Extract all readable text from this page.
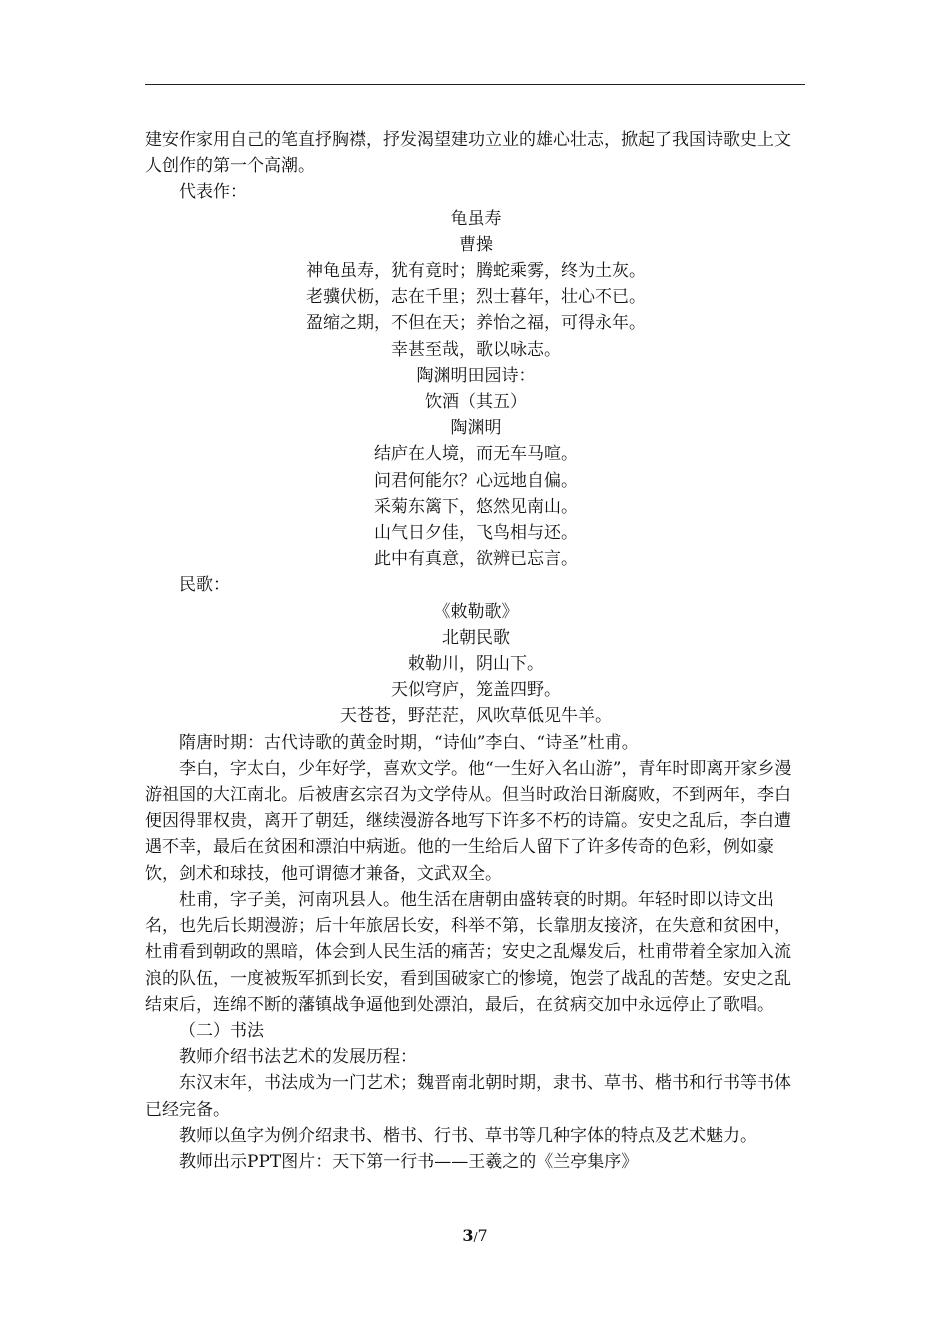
建安作家用自己的笔直抒胸襟，抒发渴望建功立业的雄心壮志，掀起了我国诗歌史上文人创作的第一个高潮。

代表作：

龟虽寿

曹操

神龟虽寿，犹有竟时；腾蛇乘雾，终为土灰。

老骥伏枥，志在千里；烈士暮年，壮心不已。

盈缩之期，不但在天；养怡之福，可得永年。

幸甚至哉，歌以咏志。

陶渊明田园诗：

饮酒（其五）

陶渊明

结庐在人境，而无车马喧。

问君何能尔？心远地自偏。

采菊东篱下，悠然见南山。

山气日夕佳，飞鸟相与还。

此中有真意，欲辨已忘言。

民歌：

《敕勒歌》

北朝民歌

敕勒川，阴山下。

天似穹庐，笼盖四野。

天苍苍，野茫茫，风吹草低见牛羊。

隋唐时期：古代诗歌的黄金时期，“诗仙”李白、“诗圣”杜甫。

李白，字太白，少年好学，喜欢文学。他“一生好入名山游”，青年时即离开家乡漫游祖国的大江南北。后被唐玄宗召为文学侍从。但当时政治日渐腐败，不到两年，李白便因得罪权贵，离开了朝廷，继续漫游各地写下许多不朽的诗篇。安史之乱后，李白遭遇不幸，最后在贫困和漂泊中病逝。他的一生给后人留下了许多传奇的色彩，例如豪饮，剑术和球技，他可谓德才兼备，文武双全。

杜甫，字子美，河南巩县人。他生活在唐朝由盛转衰的时期。年轻时即以诗文出名，也先后长期漫游；后十年旅居长安，科举不第，长靠朋友接济，在失意和贫困中，杜甫看到朝政的黑暗，体会到人民生活的痛苦；安史之乱爆发后，杜甫带着全家加入流浪的队伍，一度被叛军抓到长安，看到国破家亡的惨境，饱尝了战乱的苦楚。安史之乱结束后，连绵不断的藩镇战争逼他到处漂泊，最后，在贫病交加中永远停止了歌唱。

（二）书法

教师介绍书法艺术的发展历程：

东汉末年，书法成为一门艺术；魏晋南北朝时期，隶书、草书、楷书和行书等书体已经完备。

教师以鱼字为例介绍隶书、楷书、行书、草书等几种字体的特点及艺术魅力。

教师出示PPT图片：天下第一行书——王羲之的《兰亭集序》

3/7
